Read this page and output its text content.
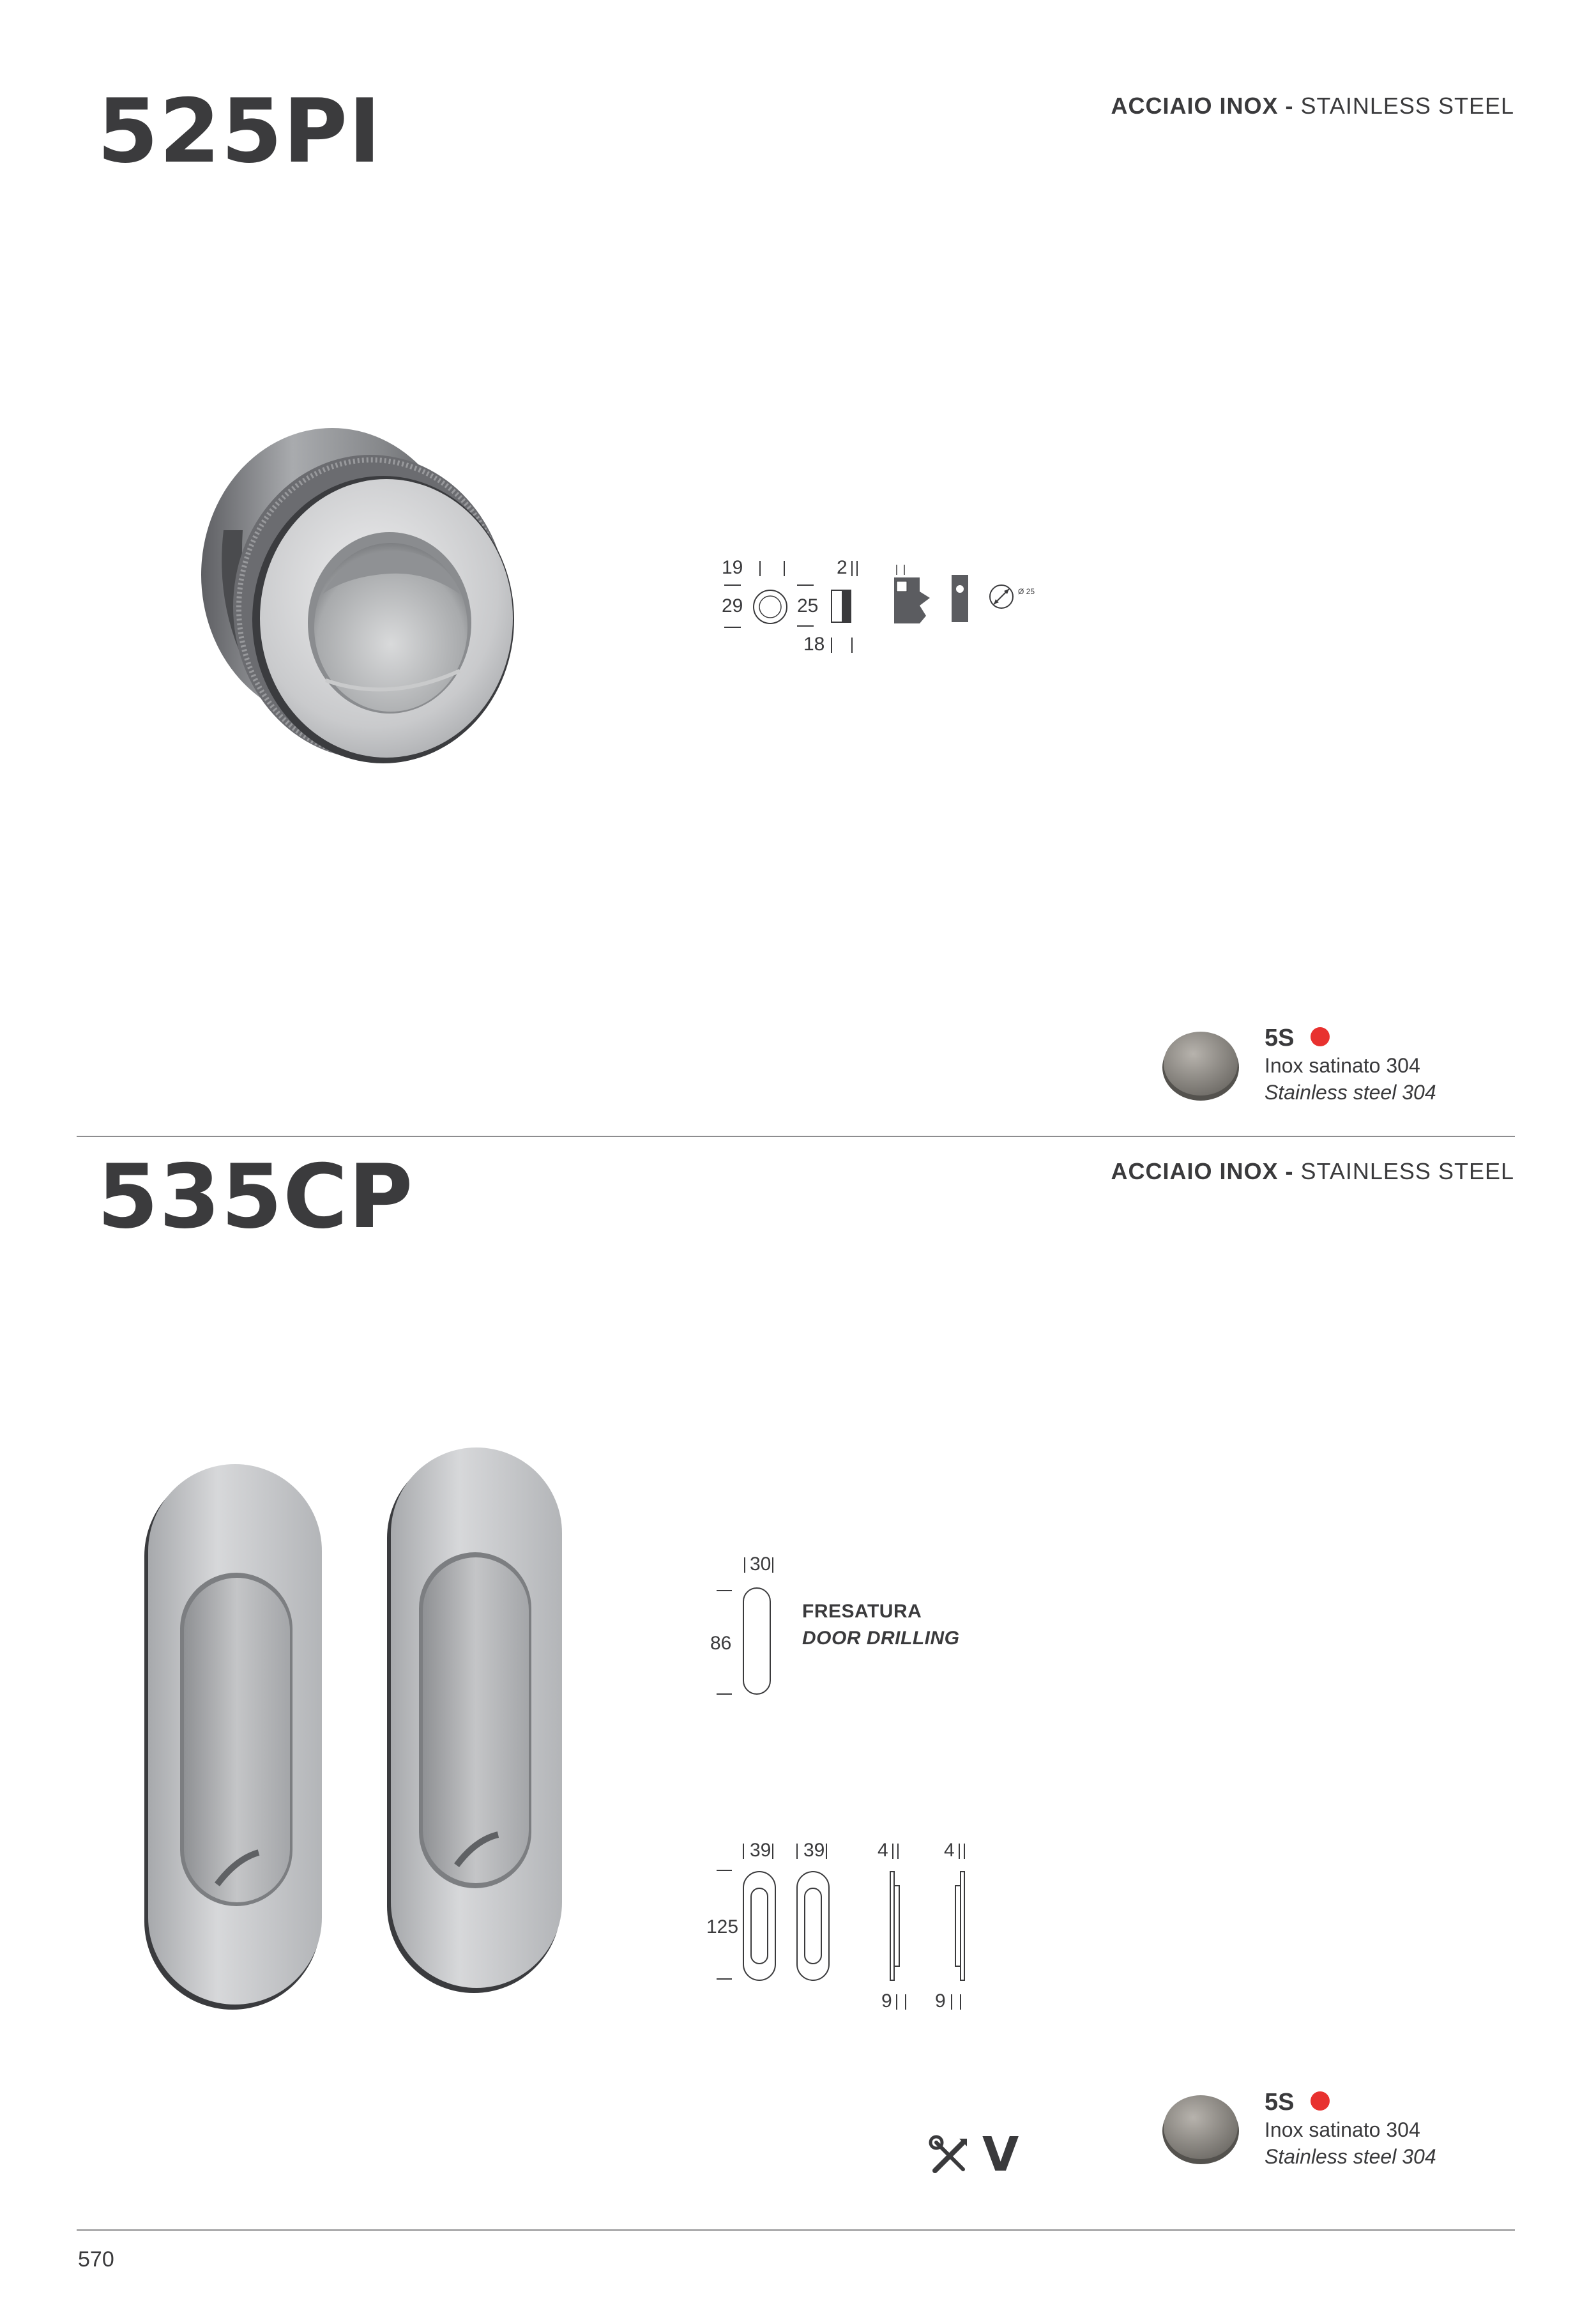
525PI	ACCIAIO INOX - STAINLESS STEEL
19	2
29	25
18
Ø 25
5S
Inox satinato 304
Stainless steel 304
535CP	ACCIAIO INOX - STAINLESS STEEL
30
86
FRESATURA
DOOR DRILLING
39 39	4	4
125
9 9
V
5S
Inox satinato 304
Stainless steel 304
570
